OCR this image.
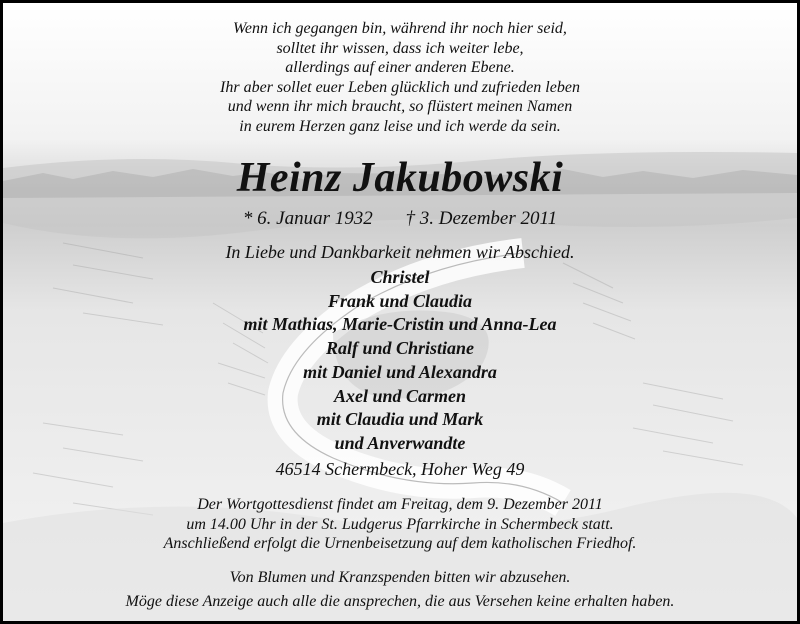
Wenn ich gegangen bin, während ihr noch hier seid,
solltet ihr wissen, dass ich weiter lebe,
allerdings auf einer anderen Ebene.
Ihr aber sollet euer Leben glücklich und zufrieden leben
und wenn ihr mich braucht, so flüstert meinen Namen
in eurem Herzen ganz leise und ich werde da sein.
Heinz Jakubowski
* 6. Januar 1932 † 3. Dezember 2011
In Liebe und Dankbarkeit nehmen wir Abschied.
Christel
Frank und Claudia
mit Mathias, Marie-Cristin und Anna-Lea
Ralf und Christiane
mit Daniel und Alexandra
Axel und Carmen
mit Claudia und Mark
und Anverwandte
46514 Schermbeck, Hoher Weg 49
Der Wortgottesdienst findet am Freitag, dem 9. Dezember 2011
um 14.00 Uhr in der St. Ludgerus Pfarrkirche in Schermbeck statt.
Anschließend erfolgt die Urnenbeisetzung auf dem katholischen Friedhof.
Von Blumen und Kranzspenden bitten wir abzusehen.
Möge diese Anzeige auch alle die ansprechen, die aus Versehen keine erhalten haben.
